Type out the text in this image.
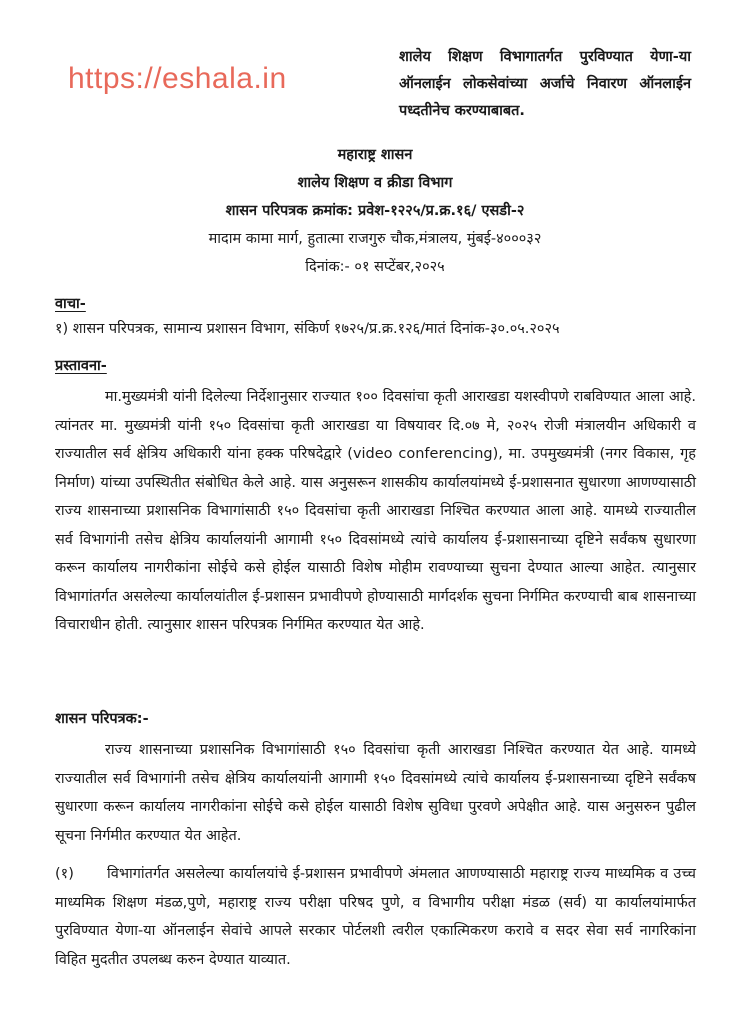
https://eshala.in
शालेय शिक्षण विभागातर्गत पुरविण्यात येणा-या ऑनलाईन लोकसेवांच्या अर्जाचे निवारण ऑनलाईन पध्दतीनेच करण्याबाबत.
महाराष्ट्र शासन
शालेय शिक्षण व क्रीडा विभाग
शासन परिपत्रक क्रमांक: प्रवेश-१२२५/प्र.क्र.१६/ एसडी-२
मादाम कामा मार्ग, हुतात्मा राजगुरु चौक,मंत्रालय, मुंबई-४०००३२
दिनांक:- ०१ सप्टेंबर,२०२५
वाचा-
१) शासन परिपत्रक, सामान्य प्रशासन विभाग, संकिर्ण १७२५/प्र.क्र.१२६/मातं दिनांक-३०.०५.२०२५
प्रस्तावना-
मा.मुख्यमंत्री यांनी दिलेल्या निर्देशानुसार राज्यात १०० दिवसांचा कृती आराखडा यशस्वीपणे राबविण्यात आला आहे. त्यांनतर मा. मुख्यमंत्री यांनी १५० दिवसांचा कृती आराखडा या विषयावर दि.०७ मे, २०२५ रोजी मंत्रालयीन अधिकारी व राज्यातील सर्व क्षेत्रिय अधिकारी यांना हक्क परिषदेद्वारे (video conferencing), मा. उपमुख्यमंत्री (नगर विकास, गृह निर्माण) यांच्या उपस्थितीत संबोधित केले आहे. यास अनुसरून शासकीय कार्यालयांमध्ये ई-प्रशासनात सुधारणा आणण्यासाठी राज्य शासनाच्या प्रशासनिक विभागांसाठी १५० दिवसांचा कृती आराखडा निश्चित करण्यात आला आहे. यामध्ये राज्यातील सर्व विभागांनी तसेच क्षेत्रिय कार्यालयांनी आगामी १५० दिवसांमध्ये त्यांचे कार्यालय ई-प्रशासनाच्या दृष्टिने सर्वंकष सुधारणा करून कार्यालय नागरीकांना सोईचे कसे होईल यासाठी विशेष मोहीम रावण्याच्या सुचना देण्यात आल्या आहेत. त्यानुसार विभागांतर्गत असलेल्या कार्यालयांतील ई-प्रशासन प्रभावीपणे होण्यासाठी मार्गदर्शक सुचना निर्गमित करण्याची बाब शासनाच्या विचाराधीन होती. त्यानुसार शासन परिपत्रक निर्गमित करण्यात येत आहे.
शासन परिपत्रक:-
राज्य शासनाच्या प्रशासनिक विभागांसाठी १५० दिवसांचा कृती आराखडा निश्चित करण्यात येत आहे. यामध्ये राज्यातील सर्व विभागांनी तसेच क्षेत्रिय कार्यालयांनी आगामी १५० दिवसांमध्ये त्यांचे कार्यालय ई-प्रशासनाच्या दृष्टिने सर्वंकष सुधारणा करून कार्यालय नागरीकांना सोईचे कसे होईल यासाठी विशेष सुविधा पुरवणे अपेक्षीत आहे. यास अनुसरुन पुढील सूचना निर्गमीत करण्यात येत आहेत.
(१) विभागांतर्गत असलेल्या कार्यालयांचे ई-प्रशासन प्रभावीपणे अंमलात आणण्यासाठी महाराष्ट्र राज्य माध्यमिक व उच्च माध्यमिक शिक्षण मंडळ,पुणे, महाराष्ट्र राज्य परीक्षा परिषद पुणे, व विभागीय परीक्षा मंडळ (सर्व) या कार्यालयांमार्फत पुरविण्यात येणा-या ऑनलाईन सेवांचे आपले सरकार पोर्टलशी त्वरील एकात्मिकरण करावे व सदर सेवा सर्व नागरिकांना विहित मुदतीत उपलब्ध करुन देण्यात याव्यात.
